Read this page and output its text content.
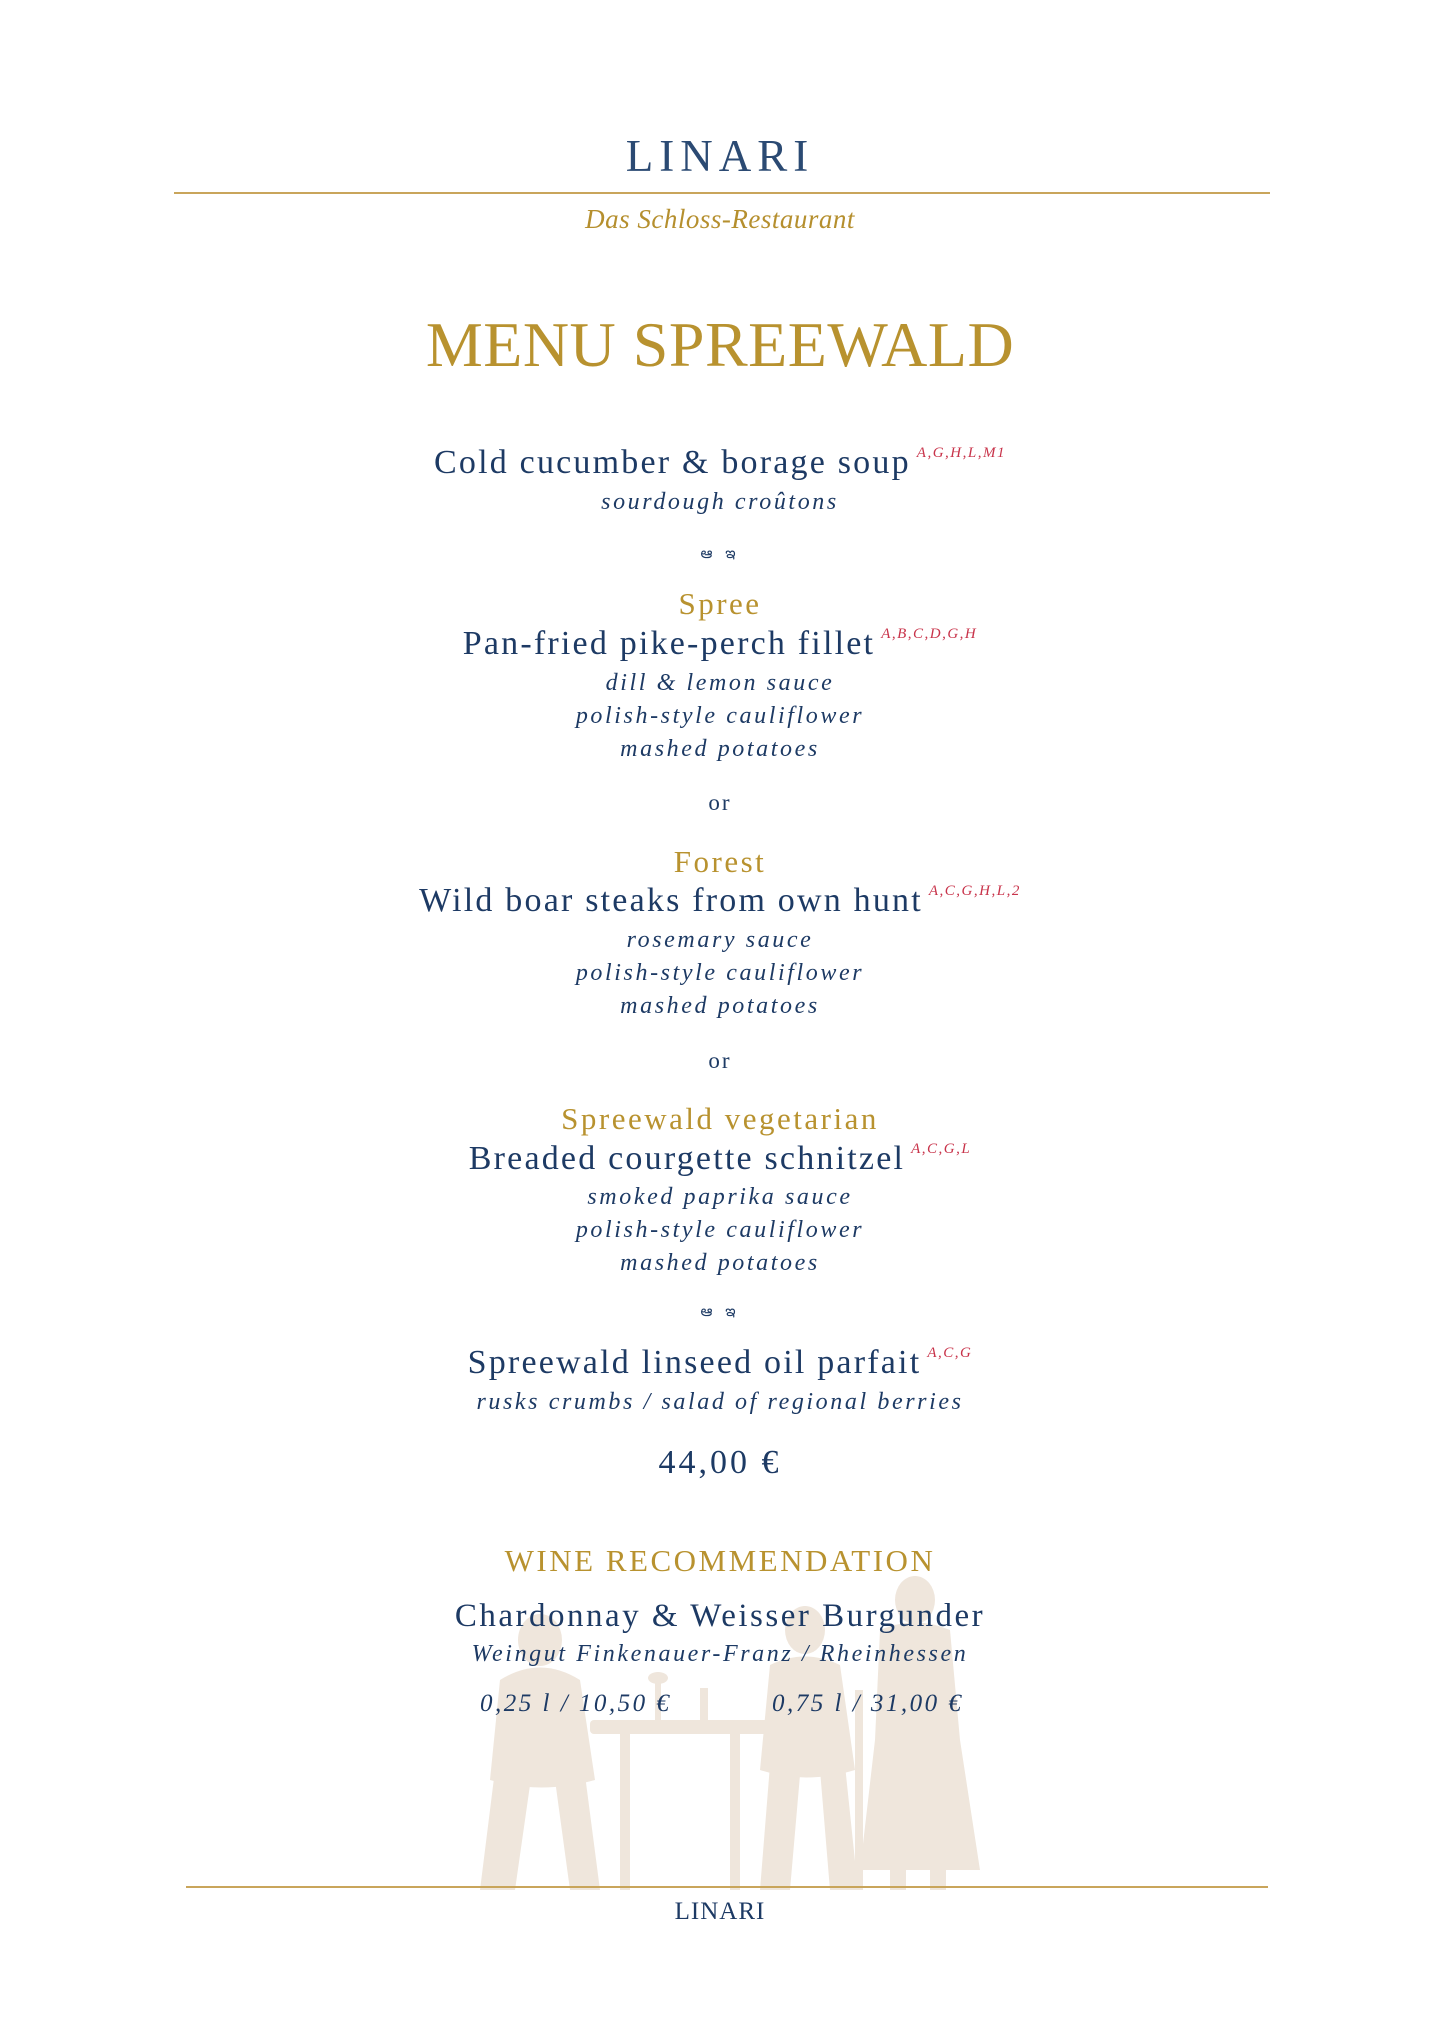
LINARI
Das Schloss-Restaurant
MENU SPREEWALD
Cold cucumber & borage soup $^{A,G,H,L,M1}$
sourdough croûtons
ఆ ఇ
Spree
Pan-fried pike-perch fillet $^{A,B,C,D,G,H}$
dill & lemon sauce
polish-style cauliflower
mashed potatoes
or
Forest
Wild boar steaks from own hunt $^{A,C,G,H,L,2}$
rosemary sauce
polish-style cauliflower
mashed potatoes
or
Spreewald vegetarian
Breaded courgette schnitzel $^{A,C,G,L}$
smoked paprika sauce
polish-style cauliflower
mashed potatoes
ఆ ఇ
Spreewald linseed oil parfait $^{A,C,G}$
rusks crumbs / salad of regional berries
44,00 €
WINE RECOMMENDATION
Chardonnay & Weisser Burgunder
Weingut Finkenauer-Franz / Rheinhessen
0,25 l / 10,50 €	0,75 l / 31,00 €
LINARI
